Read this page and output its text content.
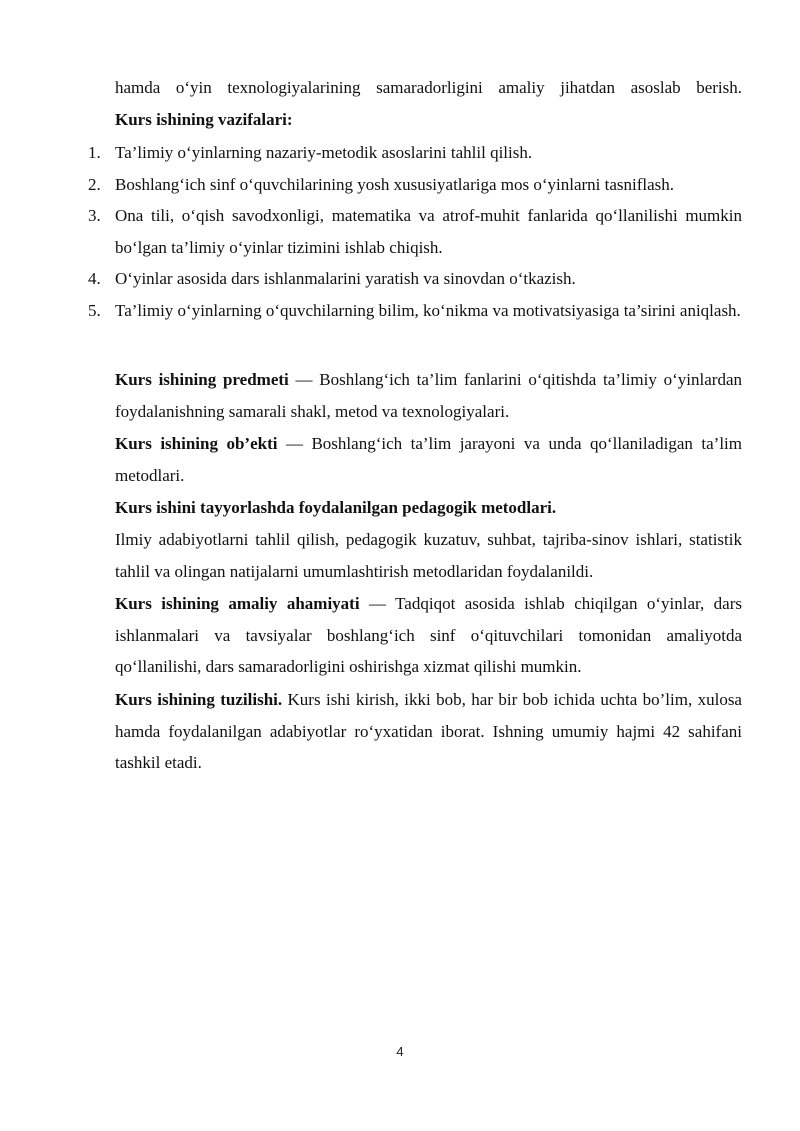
hamda o‘yin texnologiyalarining samaradorligini amaliy jihatdan asoslab berish.
Kurs ishining vazifalari:
1. Ta’limiy o‘yinlarning nazariy-metodik asoslarini tahlil qilish.
2. Boshlang‘ich sinf o‘quvchilarining yosh xususiyatlariga mos o‘yinlarni tasniflash.
3. Ona tili, o‘qish savodxonligi, matematika va atrof-muhit fanlarida qo‘llanilishi mumkin bo‘lgan ta’limiy o‘yinlar tizimini ishlab chiqish.
4. O‘yinlar asosida dars ishlanmalarini yaratish va sinovdan o‘tkazish.
5. Ta’limiy o‘yinlarning o‘quvchilarning bilim, ko‘nikma va motivatsiyasiga ta’sirini aniqlash.
Kurs ishining predmeti — Boshlang‘ich ta’lim fanlarini o‘qitishda ta’limiy o‘yinlardan foydalanishning samarali shakl, metod va texnologiyalari.
Kurs ishining ob’ekti — Boshlang‘ich ta’lim jarayoni va unda qo‘llaniladigan ta’lim metodlari.
Kurs ishini tayyorlashda foydalanilgan pedagogik metodlari.
Ilmiy adabiyotlarni tahlil qilish, pedagogik kuzatuv, suhbat, tajriba-sinov ishlari, statistik tahlil va olingan natijalarni umumlashtirish metodlaridan foydalanildi.
Kurs ishining amaliy ahamiyati — Tadqiqot asosida ishlab chiqilgan o‘yinlar, dars ishlanmalari va tavsiyalar boshlang‘ich sinf o‘qituvchilari tomonidan amaliyotda qo‘llanilishi, dars samaradorligini oshirishga xizmat qilishi mumkin.
Kurs ishining tuzilishi. Kurs ishi kirish, ikki bob, har bir bob ichida uchta bo’lim, xulosa hamda foydalanilgan adabiyotlar ro‘yxatidan iborat. Ishning umumiy hajmi 42 sahifani tashkil etadi.
4
